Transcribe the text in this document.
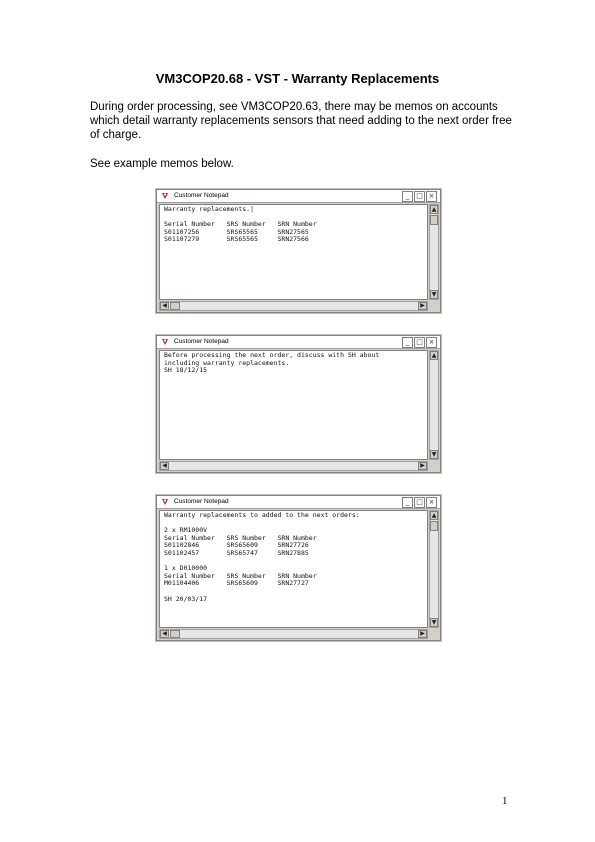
VM3COP20.68 - VST - Warranty Replacements
During order processing, see VM3COP20.63, there may be memos on accounts which detail warranty replacements sensors that need adding to the next order free of charge.
See example memos below.
Customer Notepad	_ □ ×
Warranty replacements.|

Serial Number   SRS Number   SRN Number
S01107256       SRS65565     SRN27565
S01107279       SRS65565     SRN27566
▲
▼
◀	▶
Customer Notepad	_ □ ×
Before processing the next order, discuss with SH about
including warranty replacements.
SH 18/12/15
▲
▼
◀	▶
Customer Notepad	_ □ ×
Warranty replacements to added to the next orders:

2 x RM1000V
Serial Number   SRS Number   SRN Number
S01102846       SRS65609     SRN27726
S01102457       SRS65747     SRN27885

1 x D010000
Serial Number   SRS Number   SRN Number
M01104406       SRS65609     SRN27727

SH 20/03/17
▲
▼
◀	▶
1
